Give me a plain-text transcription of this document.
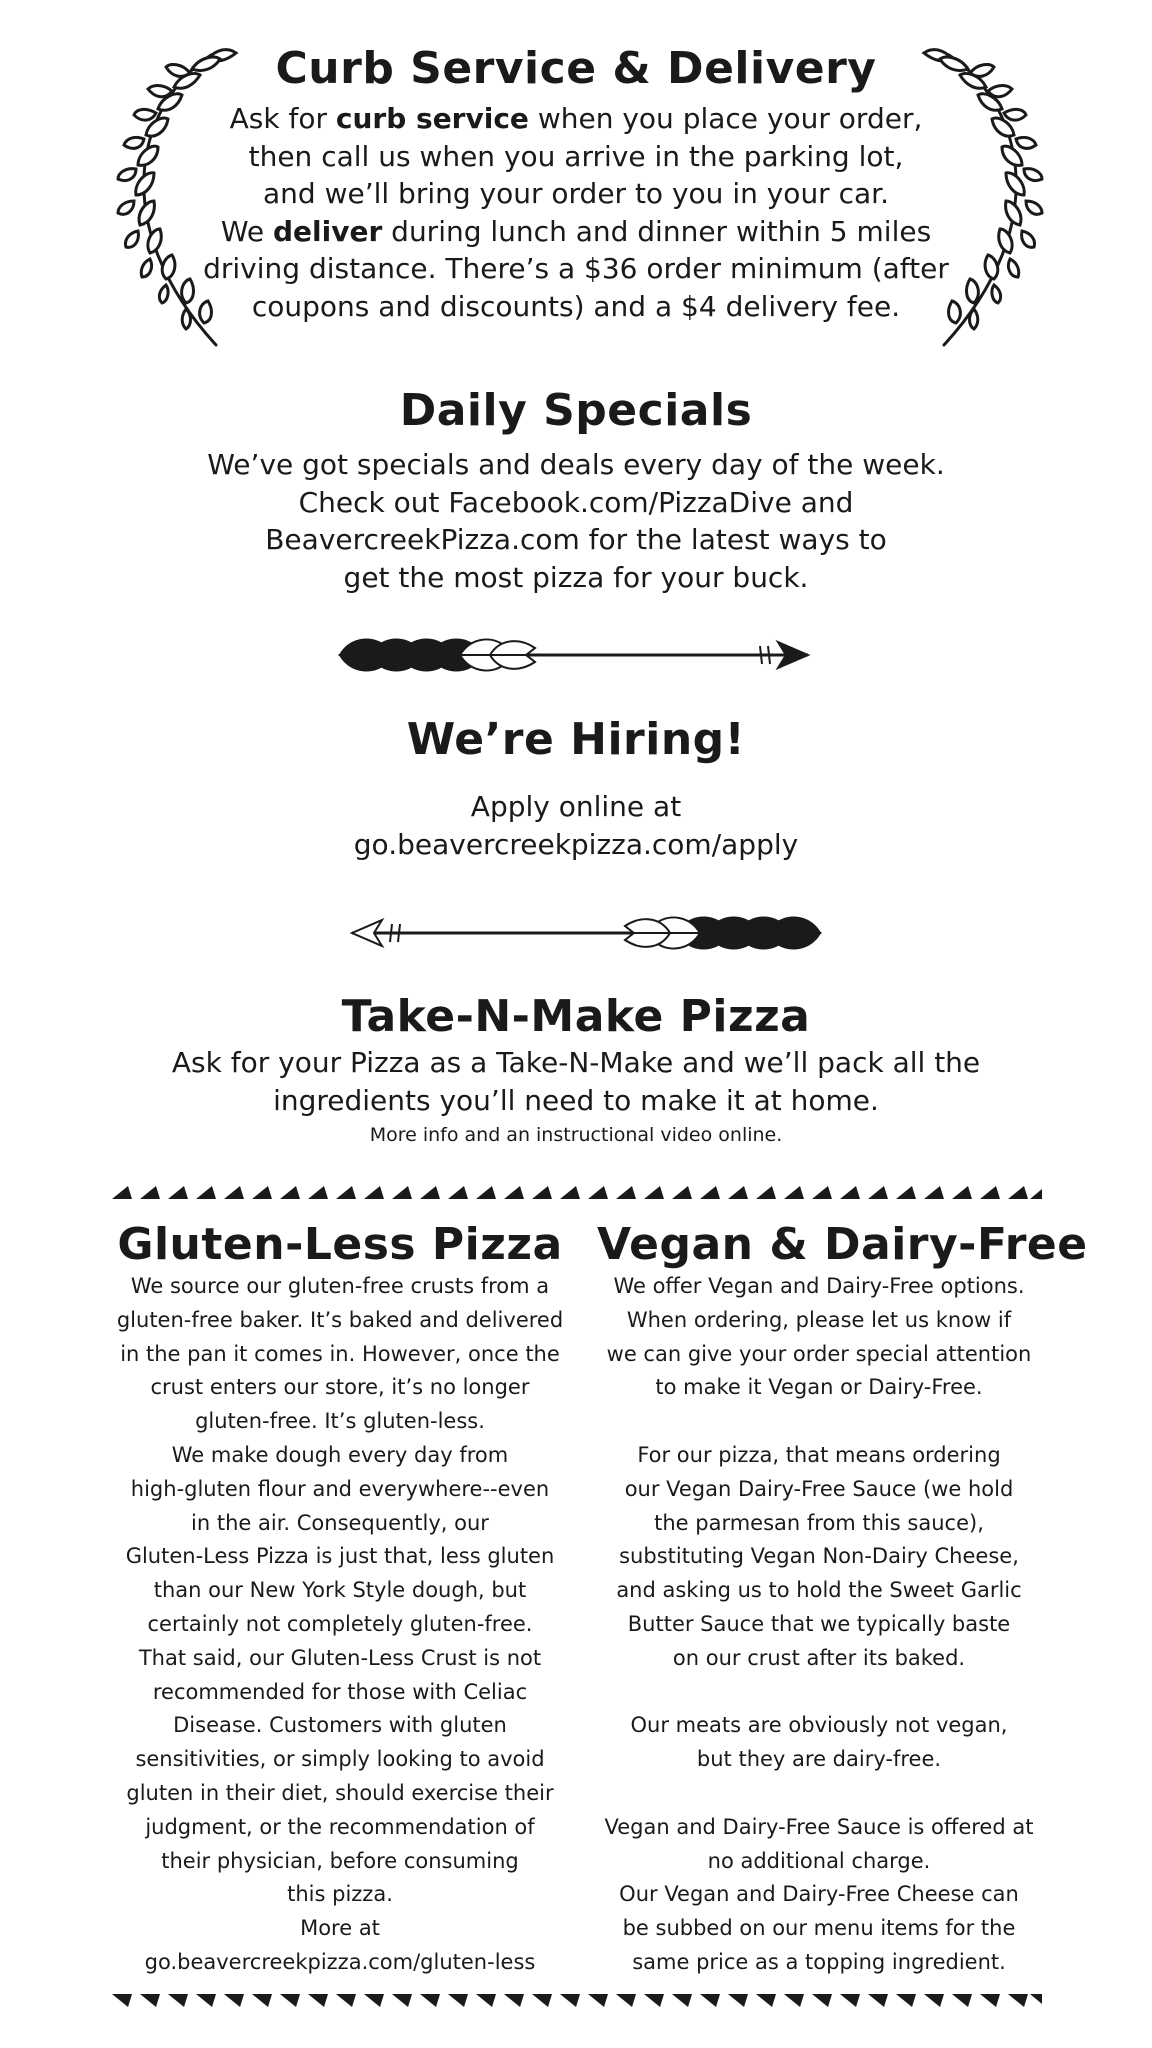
Curb Service & Delivery

Ask for curb service when you place your order,

then call us when you arrive in the parking lot,

and we’ll bring your order to you in your car.

We deliver during lunch and dinner within 5 miles

driving distance. There’s a $36 order minimum (after

coupons and discounts) and a $4 delivery fee.

Daily Specials

We’ve got specials and deals every day of the week.

Check out Facebook.com/PizzaDive and

BeavercreekPizza.com for the latest ways to

get the most pizza for your buck.

We’re Hiring!

Apply online at

go.beavercreekpizza.com/apply

Take-N-Make Pizza

Ask for your Pizza as a Take-N-Make and we’ll pack all the

ingredients you’ll need to make it at home.

More info and an instructional video online.

Gluten-Less Pizza

We source our gluten-free crusts from a

gluten-free baker. It’s baked and delivered

in the pan it comes in. However, once the

crust enters our store, it’s no longer

gluten-free. It’s gluten-less.

We make dough every day from

high-gluten flour and everywhere--even

in the air. Consequently, our

Gluten-Less Pizza is just that, less gluten

than our New York Style dough, but

certainly not completely gluten-free.

That said, our Gluten-Less Crust is not

recommended for those with Celiac

Disease. Customers with gluten

sensitivities, or simply looking to avoid

gluten in their diet, should exercise their

judgment, or the recommendation of

their physician, before consuming

this pizza.

More at

go.beavercreekpizza.com/gluten-less

Vegan & Dairy-Free

We offer Vegan and Dairy-Free options.

When ordering, please let us know if

we can give your order special attention

to make it Vegan or Dairy-Free.

For our pizza, that means ordering

our Vegan Dairy-Free Sauce (we hold

the parmesan from this sauce),

substituting Vegan Non-Dairy Cheese,

and asking us to hold the Sweet Garlic

Butter Sauce that we typically baste

on our crust after its baked.

Our meats are obviously not vegan,

but they are dairy-free.

Vegan and Dairy-Free Sauce is offered at

no additional charge.

Our Vegan and Dairy-Free Cheese can

be subbed on our menu items for the

same price as a topping ingredient.
